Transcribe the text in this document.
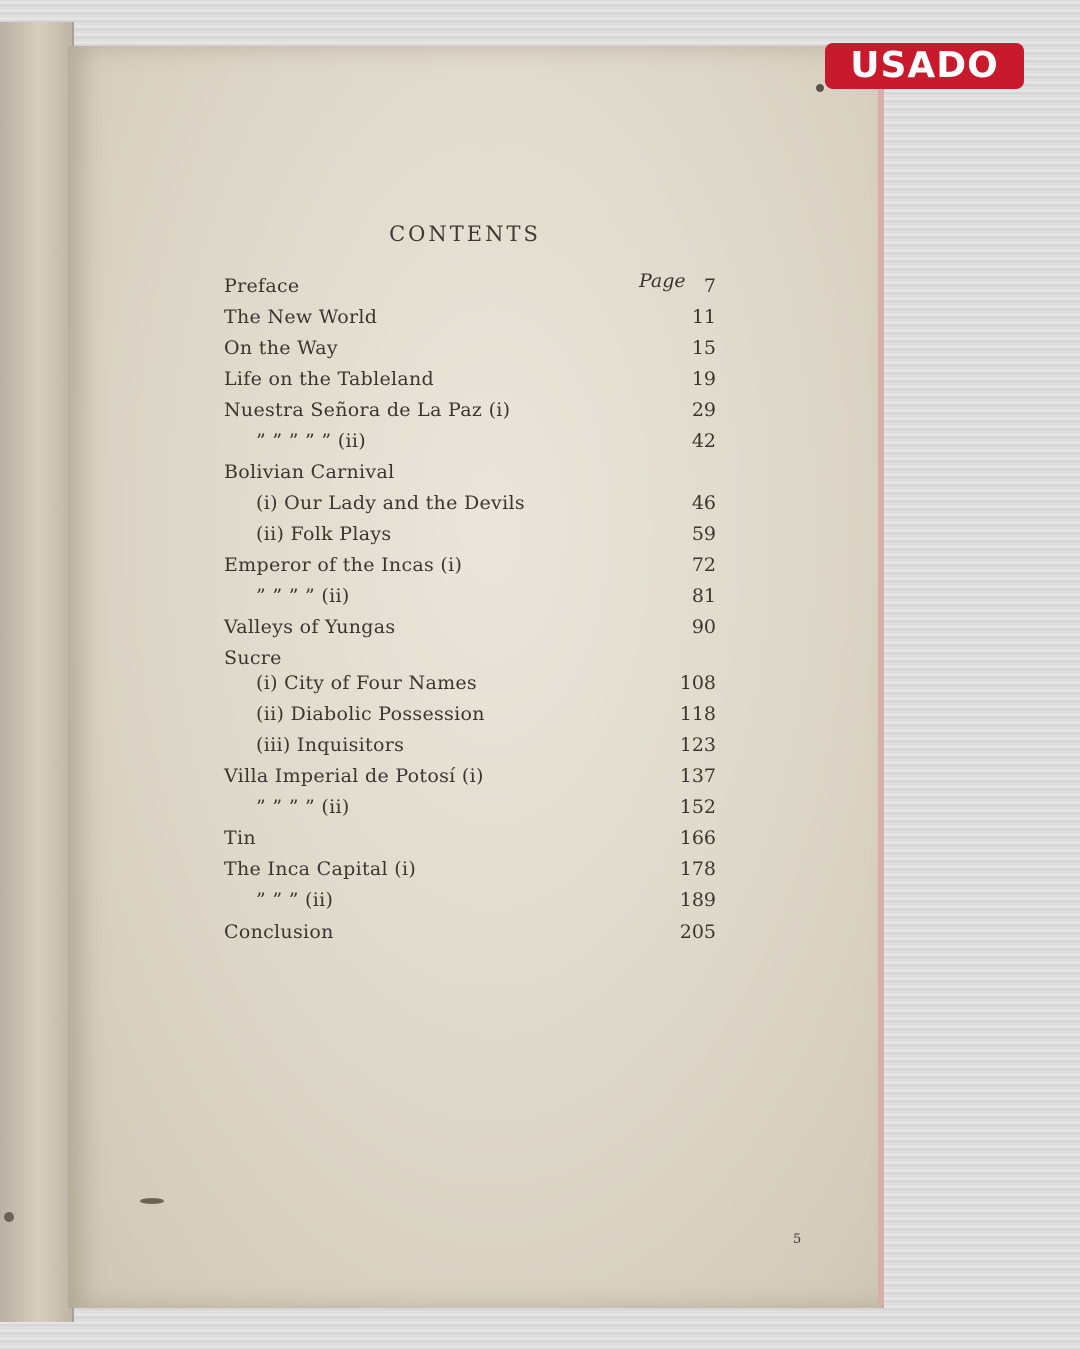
USADO
CONTENTS
Page
Preface	7
The New World	11
On the Way	15
Life on the Tableland	19
Nuestra Señora de La Paz (i)	29
” ” ” ” ” (ii)	42
Bolivian Carnival
(i) Our Lady and the Devils	46
(ii) Folk Plays	59
Emperor of the Incas (i)	72
” ” ” ” (ii)	81
Valleys of Yungas	90
Sucre
(i) City of Four Names	108
(ii) Diabolic Possession	118
(iii) Inquisitors	123
Villa Imperial de Potosí (i)	137
” ” ” ” (ii)	152
Tin	166
The Inca Capital (i)	178
” ” ” (ii)	189
Conclusion	205
5
